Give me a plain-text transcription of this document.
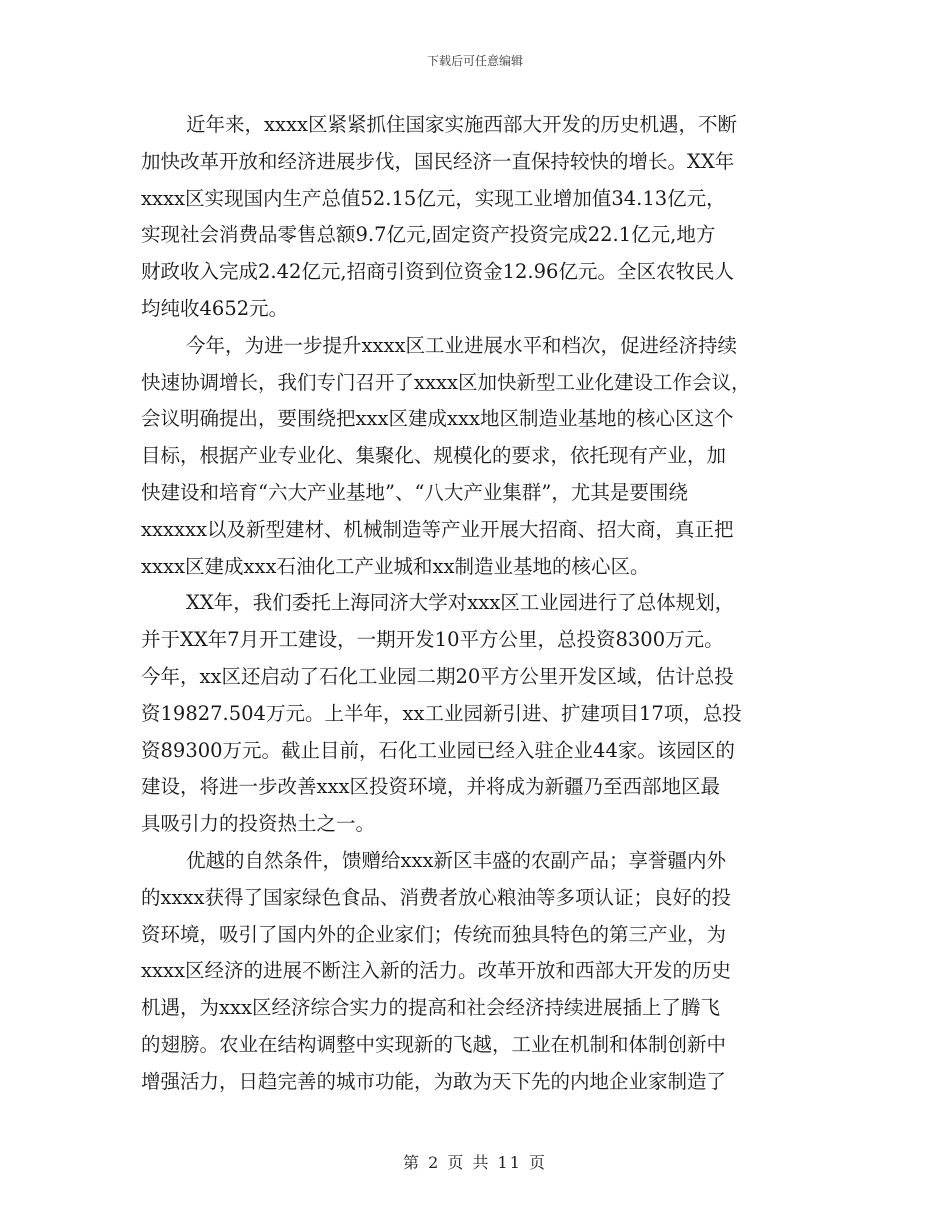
下载后可任意编辑
近年来，xxxx区紧紧抓住国家实施西部大开发的历史机遇，不断
加快改革开放和经济进展步伐，国民经济一直保持较快的增长。XX年
xxxx区实现国内生产总值52.15亿元，实现工业增加值34.13亿元，
实现社会消费品零售总额9.7亿元,固定资产投资完成22.1亿元,地方
财政收入完成2.42亿元,招商引资到位资金12.96亿元。全区农牧民人
均纯收4652元。
今年，为进一步提升xxxx区工业进展水平和档次，促进经济持续
快速协调增长，我们专门召开了xxxx区加快新型工业化建设工作会议，
会议明确提出，要围绕把xxx区建成xxx地区制造业基地的核心区这个
目标，根据产业专业化、集聚化、规模化的要求，依托现有产业，加
快建设和培育“六大产业基地”、“八大产业集群”，尤其是要围绕
xxxxxx以及新型建材、机械制造等产业开展大招商、招大商，真正把
xxxx区建成xxx石油化工产业城和xx制造业基地的核心区。
XX年，我们委托上海同济大学对xxx区工业园进行了总体规划，
并于XX年7月开工建设，一期开发10平方公里，总投资8300万元。
今年，xx区还启动了石化工业园二期20平方公里开发区域，估计总投
资19827.504万元。上半年，xx工业园新引进、扩建项目17项，总投
资89300万元。截止目前，石化工业园已经入驻企业44家。该园区的
建设，将进一步改善xxx区投资环境，并将成为新疆乃至西部地区最
具吸引力的投资热土之一。
优越的自然条件，馈赠给xxx新区丰盛的农副产品；享誉疆内外
的xxxx获得了国家绿色食品、消费者放心粮油等多项认证；良好的投
资环境，吸引了国内外的企业家们；传统而独具特色的第三产业，为
xxxx区经济的进展不断注入新的活力。改革开放和西部大开发的历史
机遇，为xxx区经济综合实力的提高和社会经济持续进展插上了腾飞
的翅膀。农业在结构调整中实现新的飞越，工业在机制和体制创新中
增强活力，日趋完善的城市功能，为敢为天下先的内地企业家制造了
第 2 页 共 11 页
